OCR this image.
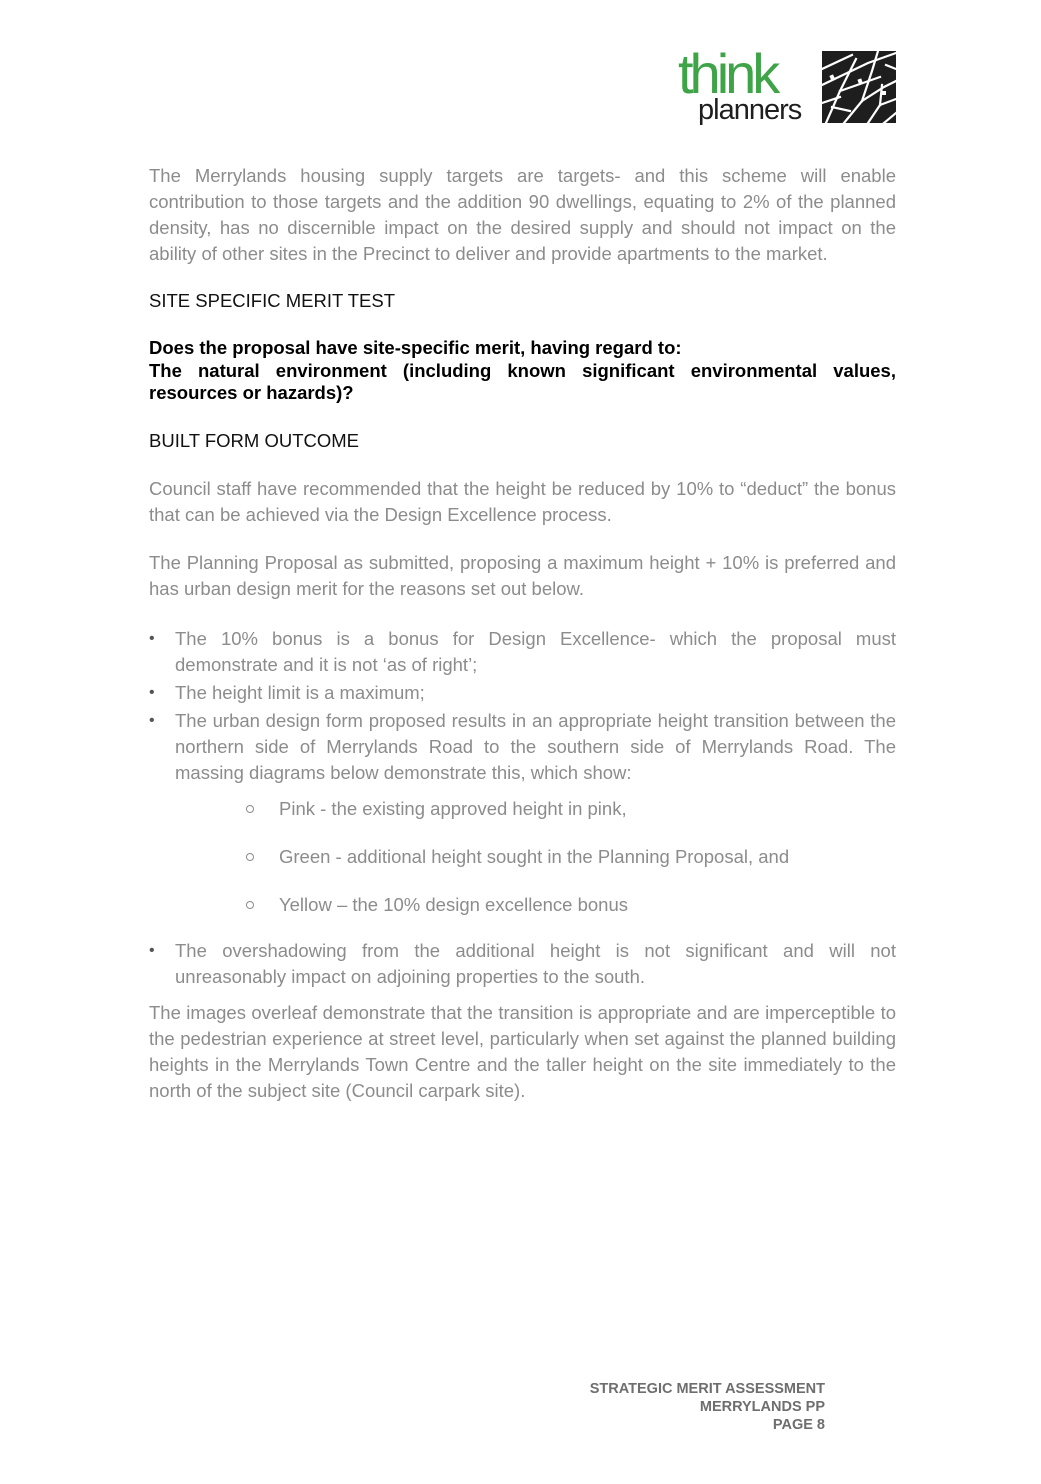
think
planners

The Merrylands housing supply targets are targets- and this scheme will enable contribution to those targets and the addition 90 dwellings, equating to 2% of the planned density, has no discernible impact on the desired supply and should not impact on the ability of other sites in the Precinct to deliver and provide apartments to the market.

SITE SPECIFIC MERIT TEST

Does the proposal have site-specific merit, having regard to:

The natural environment (including known significant environmental values, resources or hazards)?

BUILT FORM OUTCOME

Council staff have recommended that the height be reduced by 10% to “deduct” the bonus that can be achieved via the Design Excellence process.

The Planning Proposal as submitted, proposing a maximum height + 10% is preferred and has urban design merit for the reasons set out below.

• The 10% bonus is a bonus for Design Excellence- which the proposal must demonstrate and it is not ‘as of right’;
• The height limit is a maximum;
• The urban design form proposed results in an appropriate height transition between the northern side of Merrylands Road to the southern side of Merrylands Road. The massing diagrams below demonstrate this, which show:
Pink - the existing approved height in pink,
Green - additional height sought in the Planning Proposal, and
Yellow – the 10% design excellence bonus
• The overshadowing from the additional height is not significant and will not unreasonably impact on adjoining properties to the south.

The images overleaf demonstrate that the transition is appropriate and are imperceptible to the pedestrian experience at street level, particularly when set against the planned building heights in the Merrylands Town Centre and the taller height on the site immediately to the north of the subject site (Council carpark site).

STRATEGIC MERIT ASSESSMENT
MERRYLANDS PP
PAGE 8
